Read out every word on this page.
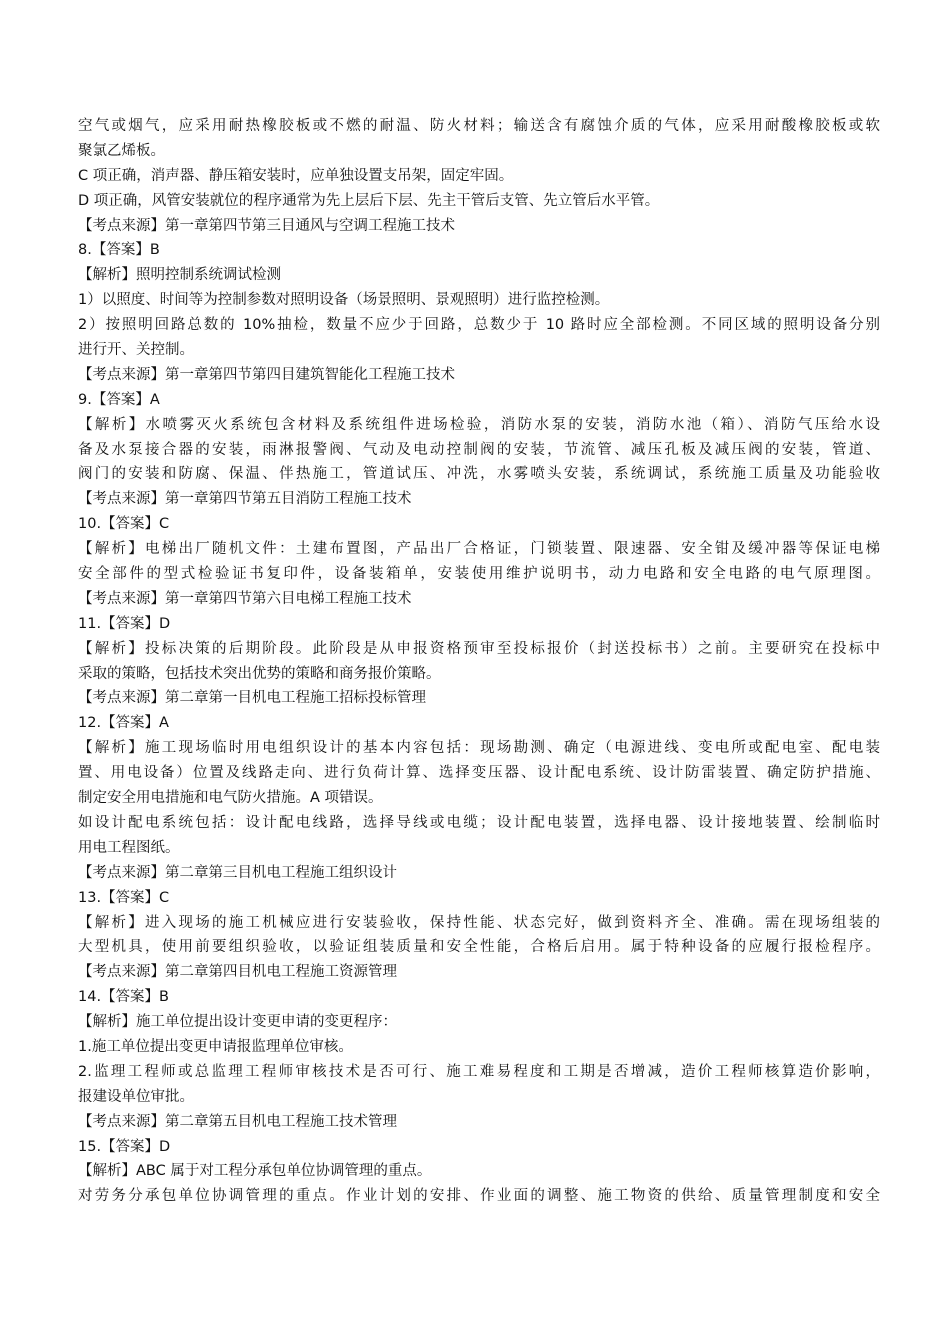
空气或烟气，应采用耐热橡胶板或不燃的耐温、防火材料；输送含有腐蚀介质的气体，应采用耐酸橡胶板或软
聚氯乙烯板。
C 项正确，消声器、静压箱安装时，应单独设置支吊架，固定牢固。
D 项正确，风管安装就位的程序通常为先上层后下层、先主干管后支管、先立管后水平管。
【考点来源】第一章第四节第三目通风与空调工程施工技术
8.【答案】B
【解析】照明控制系统调试检测
1）以照度、时间等为控制参数对照明设备（场景照明、景观照明）进行监控检测。
2）按照明回路总数的 10%抽检，数量不应少于回路，总数少于 10 路时应全部检测。不同区域的照明设备分别
进行开、关控制。
【考点来源】第一章第四节第四目建筑智能化工程施工技术
9.【答案】A
【解析】水喷雾灭火系统包含材料及系统组件进场检验，消防水泵的安装，消防水池（箱）、消防气压给水设
备及水泵接合器的安装，雨淋报警阀、气动及电动控制阀的安装，节流管、减压孔板及减压阀的安装，管道、
阀门的安装和防腐、保温、伴热施工，管道试压、冲洗，水雾喷头安装，系统调试，系统施工质量及功能验收
【考点来源】第一章第四节第五目消防工程施工技术
10.【答案】C
【解析】电梯出厂随机文件：土建布置图，产品出厂合格证，门锁装置、限速器、安全钳及缓冲器等保证电梯
安全部件的型式检验证书复印件，设备装箱单，安装使用维护说明书，动力电路和安全电路的电气原理图。
【考点来源】第一章第四节第六目电梯工程施工技术
11.【答案】D
【解析】投标决策的后期阶段。此阶段是从申报资格预审至投标报价（封送投标书）之前。主要研究在投标中
采取的策略，包括技术突出优势的策略和商务报价策略。
【考点来源】第二章第一目机电工程施工招标投标管理
12.【答案】A
【解析】施工现场临时用电组织设计的基本内容包括：现场勘测、确定（电源进线、变电所或配电室、配电装
置、用电设备）位置及线路走向、进行负荷计算、选择变压器、设计配电系统、设计防雷装置、确定防护措施、
制定安全用电措施和电气防火措施。A 项错误。
如设计配电系统包括：设计配电线路，选择导线或电缆；设计配电装置，选择电器、设计接地装置、绘制临时
用电工程图纸。
【考点来源】第二章第三目机电工程施工组织设计
13.【答案】C
【解析】进入现场的施工机械应进行安装验收，保持性能、状态完好，做到资料齐全、准确。需在现场组装的
大型机具，使用前要组织验收，以验证组装质量和安全性能，合格后启用。属于特种设备的应履行报检程序。
【考点来源】第二章第四目机电工程施工资源管理
14.【答案】B
【解析】施工单位提出设计变更申请的变更程序：
1.施工单位提出变更申请报监理单位审核。
2.监理工程师或总监理工程师审核技术是否可行、施工难易程度和工期是否增减，造价工程师核算造价影响，
报建设单位审批。
【考点来源】第二章第五目机电工程施工技术管理
15.【答案】D
【解析】ABC 属于对工程分承包单位协调管理的重点。
对劳务分承包单位协调管理的重点。作业计划的安排、作业面的调整、施工物资的供给、质量管理制度和安全
